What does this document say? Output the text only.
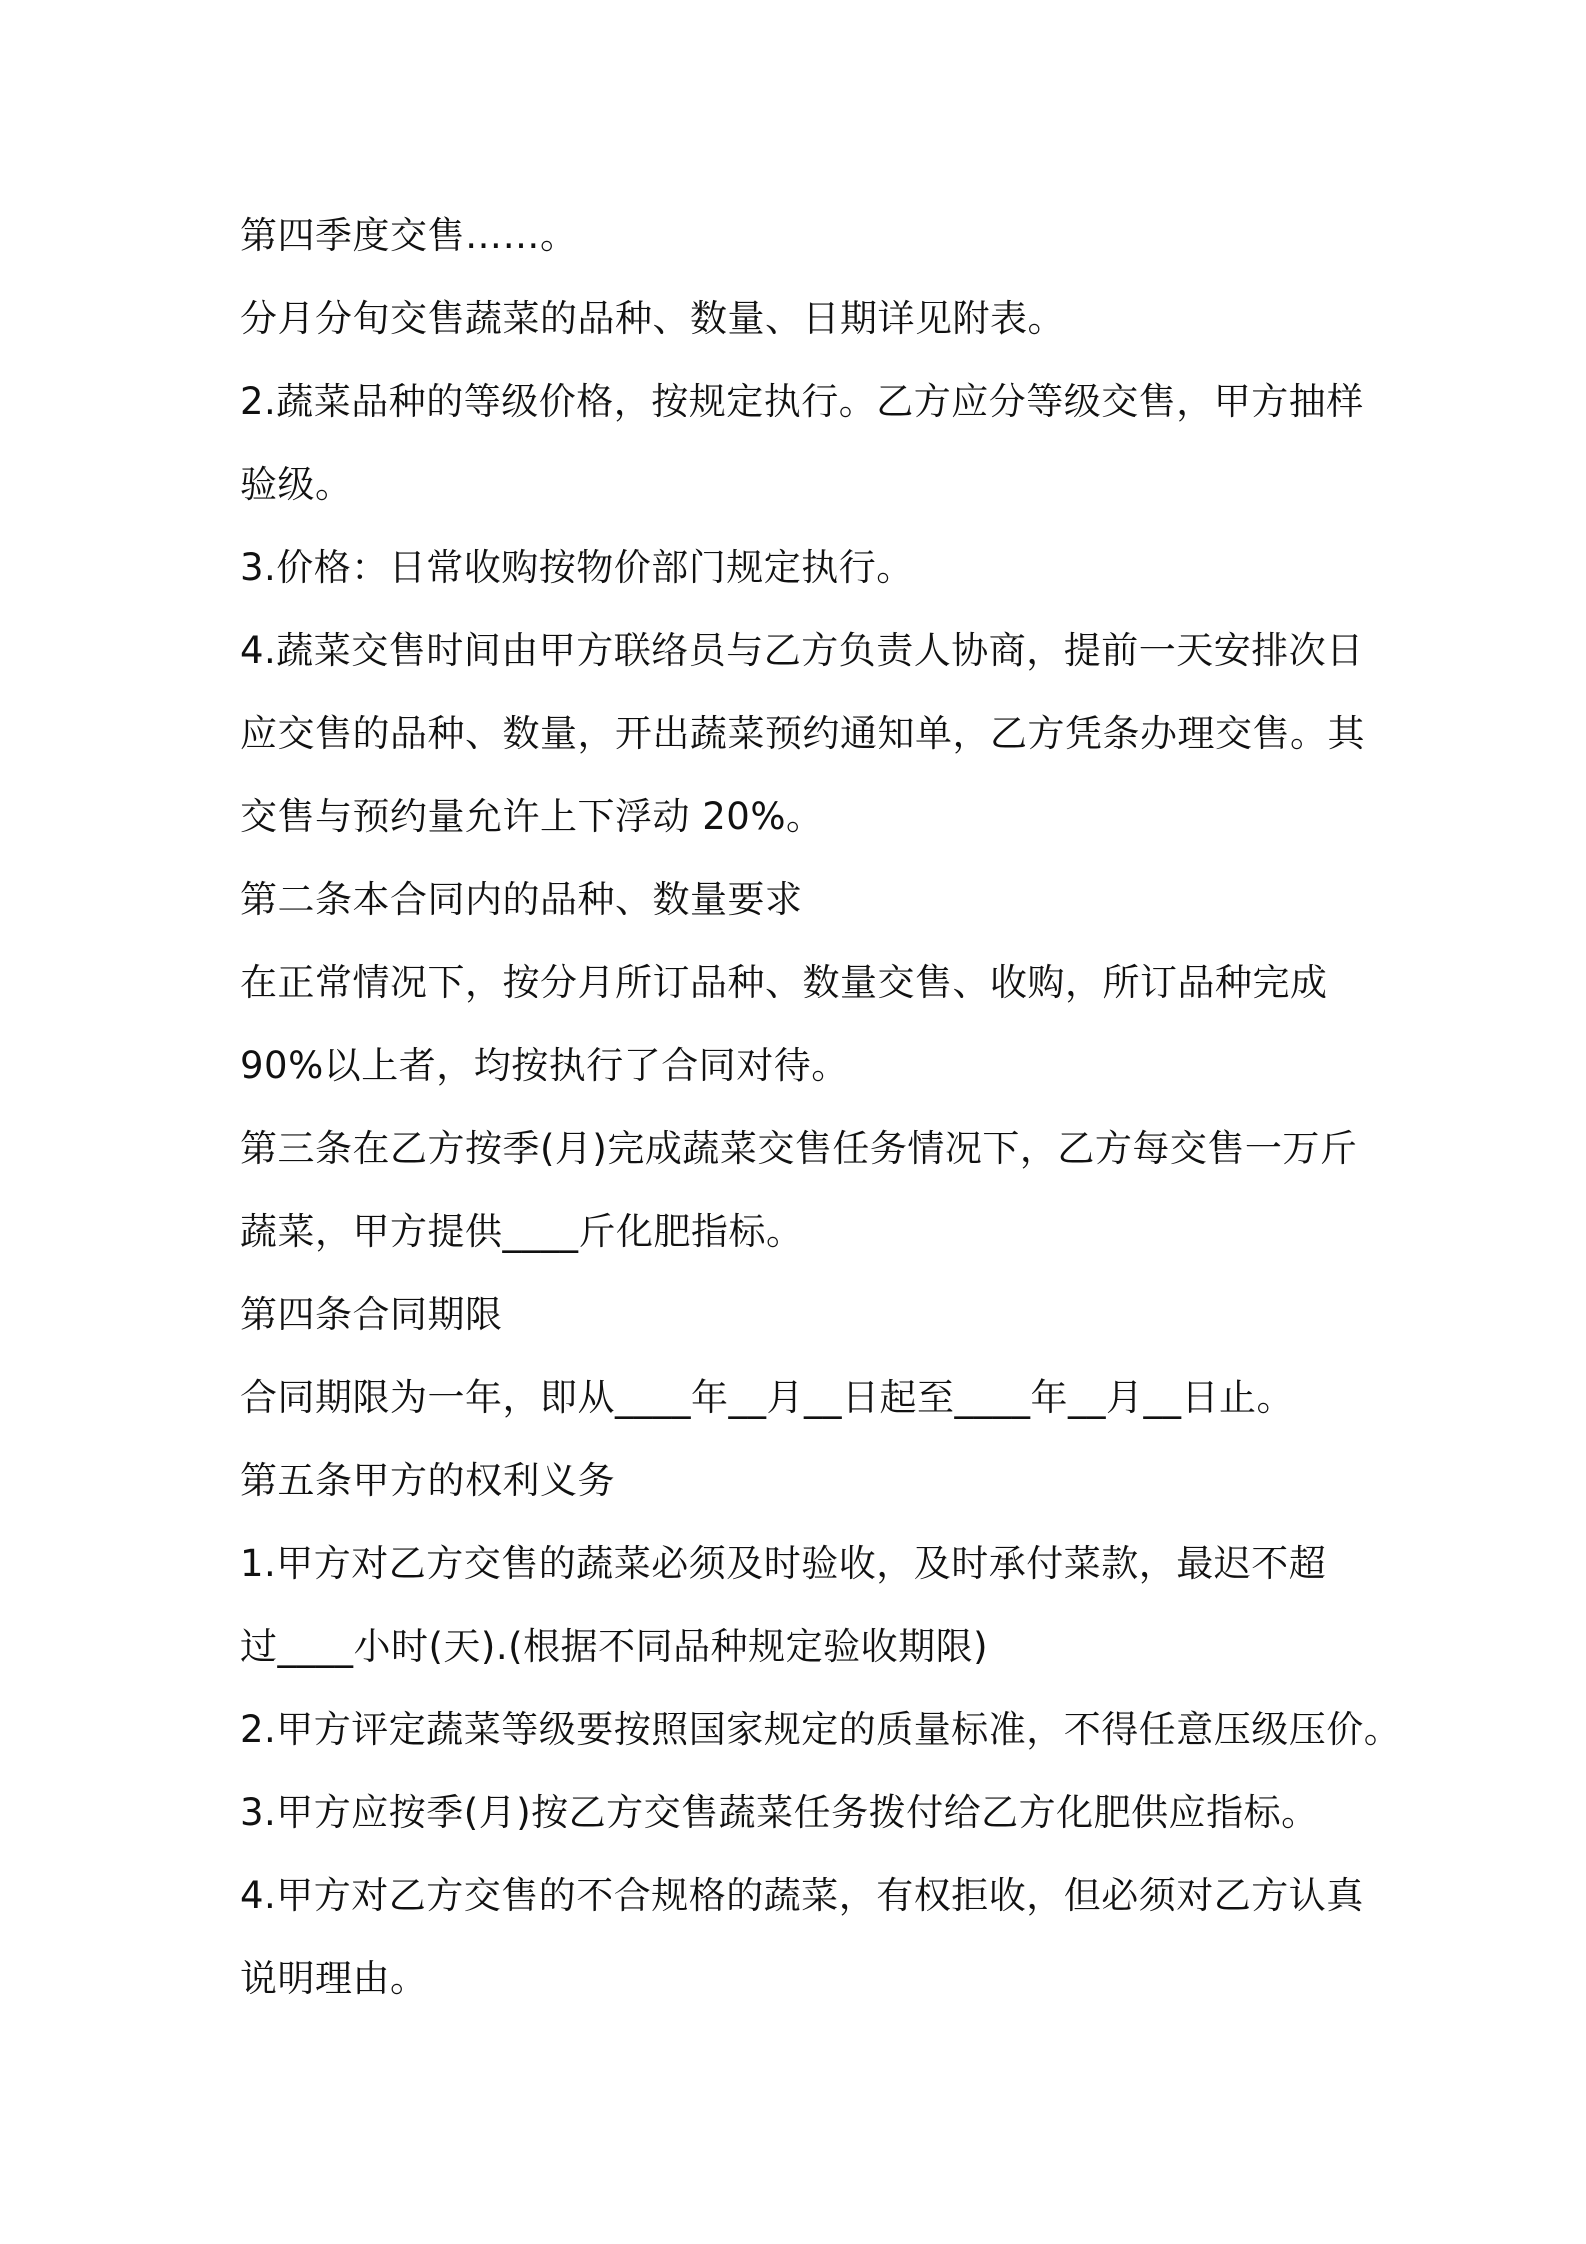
第四季度交售……。
分月分旬交售蔬菜的品种、数量、日期详见附表。
2.蔬菜品种的等级价格，按规定执行。乙方应分等级交售，甲方抽样
验级。
3.价格：日常收购按物价部门规定执行。
4.蔬菜交售时间由甲方联络员与乙方负责人协商，提前一天安排次日
应交售的品种、数量，开出蔬菜预约通知单，乙方凭条办理交售。其
交售与预约量允许上下浮动 20%。
第二条本合同内的品种、数量要求
在正常情况下，按分月所订品种、数量交售、收购，所订品种完成
90%以上者，均按执行了合同对待。
第三条在乙方按季(月)完成蔬菜交售任务情况下，乙方每交售一万斤
蔬菜，甲方提供____斤化肥指标。
第四条合同期限
合同期限为一年，即从____年__月__日起至____年__月__日止。
第五条甲方的权利义务
1.甲方对乙方交售的蔬菜必须及时验收，及时承付菜款，最迟不超
过____小时(天).(根据不同品种规定验收期限)
2.甲方评定蔬菜等级要按照国家规定的质量标准，不得任意压级压价。
3.甲方应按季(月)按乙方交售蔬菜任务拨付给乙方化肥供应指标。
4.甲方对乙方交售的不合规格的蔬菜，有权拒收，但必须对乙方认真
说明理由。
